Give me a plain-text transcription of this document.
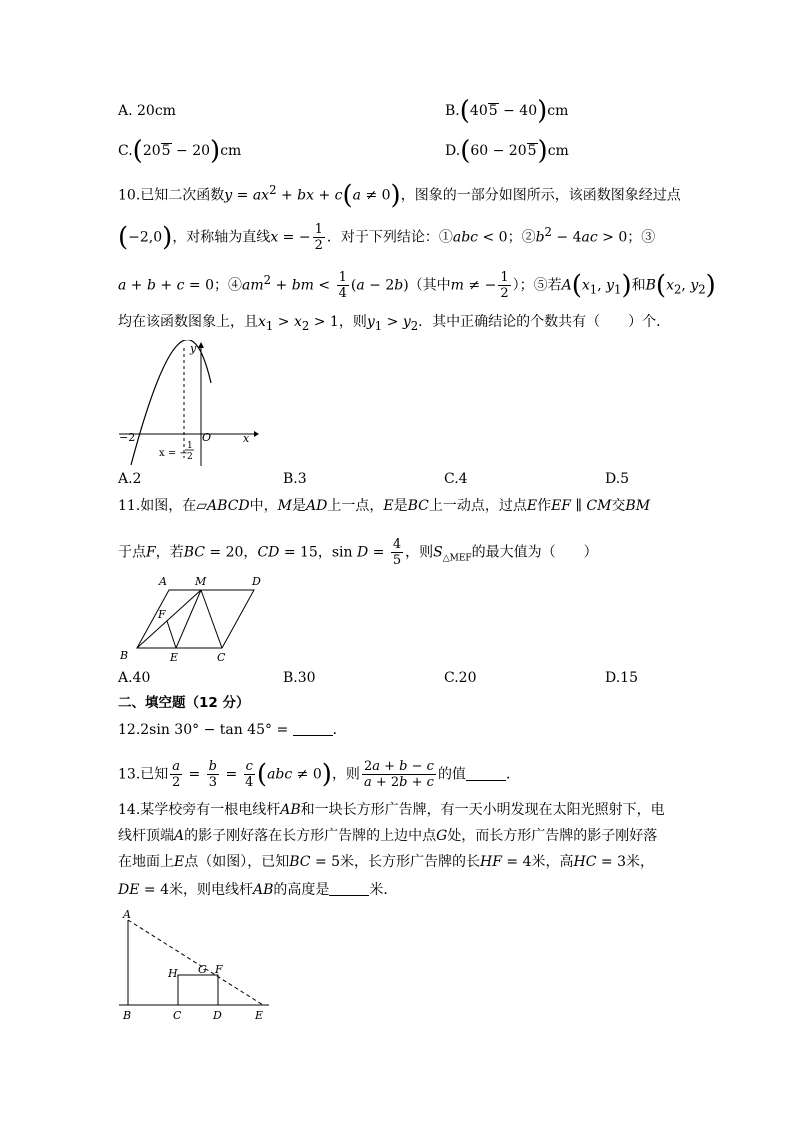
A. 20cm	B.(405 − 40)cm
C.(205 − 20)cm	D.(60 − 205)cm
10.已知二次函数$y = ax^2$ + bx + c(a ≠ 0)，图象的一部分如图所示，该函数图象经过点
(−2,0)，对称轴为直线x = − $\frac{1}{2}$ ．对于下列结论：①abc < 0；$②b^2 - 4ac > 0$；③
a + b + c = 0；$④am^2$ + bm < $\frac{1}{4} (a - 2b)$（其中m ≠ − $\frac{1}{2}$ ）；⑤若$A(x_1$, $y_1$)和$B(x_2$, $y_2$)
均在该函数图象上，且$x_1 > x_2 > 1$，则$y_1 > y_2$．其中正确结论的个数共有（　　）个．
y
x
O
−2
x = −
1
2
A.2	B.3	C.4	D.5
11.如图，在▱ABCD中，M是AD上一点，E是BC上一动点，过点E作EF ∥ CM交BM
于点F，若BC = 20，CD = 15，$\sin D = \frac{4}{5}$ ，则$S_{\triangle MEF}$的最大值为（　　）
A	M	D
F
B	E	C
A.40	B.30	C.20	D.15
二、填空题（12 分）
12.2sin 30° − tan 45° =	．
13.已知 $\frac{a}{2} = \frac{b}{3} = \frac{c}{4} (abc \ne 0)$，则 $\frac{2a + b - c}{a + 2b + c}$ 的值	．
14.某学校旁有一根电线杆AB和一块长方形广告牌，有一天小明发现在太阳光照射下，电
线杆顶端A的影子刚好落在长方形广告牌的上边中点G处，而长方形广告牌的影子刚好落
在地面上E点（如图），已知BC = 5米，长方形广告牌的长HF = 4米，高HC = 3米，
DE = 4米，则电线杆AB的高度是	米．
A
H G F
B	C	D	E
